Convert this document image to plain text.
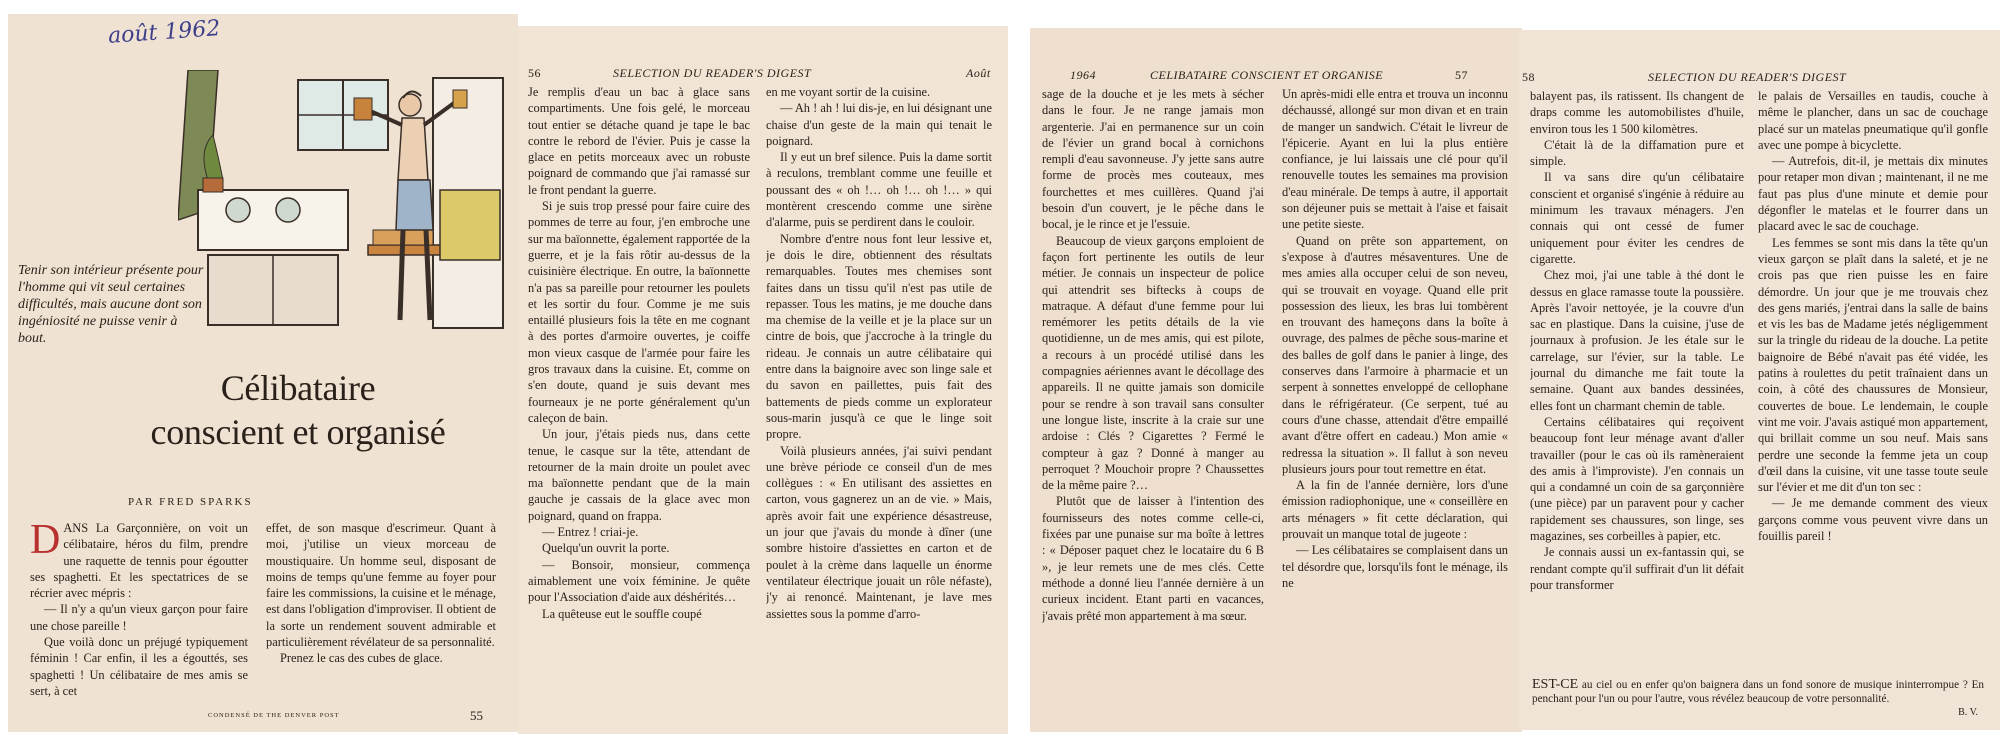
août 1962
Tenir son intérieur présente pour l'homme qui vit seul certaines difficultés, mais aucune dont son ingéniosité ne puisse venir à bout.
Célibataire
conscient et organisé
PAR FRED SPARKS

DANS La Garçonnière, on voit un célibataire, héros du film, prendre une raquette de tennis pour égoutter ses spaghetti. Et les spectatrices de se récrier avec mépris :

— Il n'y a qu'un vieux garçon pour faire une chose pareille !

Que voilà donc un préjugé typiquement féminin ! Car enfin, il les a égouttés, ses spaghetti ! Un célibataire de mes amis se sert, à cet

effet, de son masque d'escrimeur. Quant à moi, j'utilise un vieux morceau de moustiquaire. Un homme seul, disposant de moins de temps qu'une femme au foyer pour faire les commissions, la cuisine et le ménage, est dans l'obligation d'improviser. Il obtient de la sorte un rendement souvent admirable et particulièrement révélateur de sa personnalité.

Prenez le cas des cubes de glace.

CONDENSÉ DE THE DENVER POST	55
56	SELECTION DU READER'S DIGEST	Août

Je remplis d'eau un bac à glace sans compartiments. Une fois gelé, le morceau tout entier se détache quand je tape le bac contre le rebord de l'évier. Puis je casse la glace en petits morceaux avec un robuste poignard de commando que j'ai ramassé sur le front pendant la guerre.

Si je suis trop pressé pour faire cuire des pommes de terre au four, j'en embroche une sur ma baïonnette, également rapportée de la guerre, et je la fais rôtir au-dessus de la cuisinière électrique. En outre, la baïonnette n'a pas sa pareille pour retourner les poulets et les sortir du four. Comme je me suis entaillé plusieurs fois la tête en me cognant à des portes d'armoire ouvertes, je coiffe mon vieux casque de l'armée pour faire les gros travaux dans la cuisine. Et, comme on s'en doute, quand je suis devant mes fourneaux je ne porte généralement qu'un caleçon de bain.

Un jour, j'étais pieds nus, dans cette tenue, le casque sur la tête, attendant de retourner de la main droite un poulet avec ma baïonnette pendant que de la main gauche je cassais de la glace avec mon poignard, quand on frappa.

— Entrez ! criai-je.

Quelqu'un ouvrit la porte.

— Bonsoir, monsieur, commença aimablement une voix féminine. Je quête pour l'Association d'aide aux déshérités…

La quêteuse eut le souffle coupé

en me voyant sortir de la cuisine.

— Ah ! ah ! lui dis-je, en lui désignant une chaise d'un geste de la main qui tenait le poignard.

Il y eut un bref silence. Puis la dame sortit à reculons, tremblant comme une feuille et poussant des « oh !… oh !… oh !… » qui montèrent crescendo comme une sirène d'alarme, puis se perdirent dans le couloir.

Nombre d'entre nous font leur lessive et, je dois le dire, obtiennent des résultats remarquables. Toutes mes chemises sont faites dans un tissu qu'il n'est pas utile de repasser. Tous les matins, je me douche dans ma chemise de la veille et je la place sur un cintre de bois, que j'accroche à la tringle du rideau. Je connais un autre célibataire qui entre dans la baignoire avec son linge sale et du savon en paillettes, puis fait des battements de pieds comme un explorateur sous-marin jusqu'à ce que le linge soit propre.

Voilà plusieurs années, j'ai suivi pendant une brève période ce conseil d'un de mes collègues : « En utilisant des assiettes en carton, vous gagnerez un an de vie. » Mais, après avoir fait une expérience désastreuse, un jour que j'avais du monde à dîner (une sombre histoire d'assiettes en carton et de poulet à la crème dans laquelle un énorme ventilateur électrique jouait un rôle néfaste), j'y ai renoncé. Maintenant, je lave mes assiettes sous la pomme d'arro-

1964	CELIBATAIRE CONSCIENT ET ORGANISE	57

sage de la douche et je les mets à sécher dans le four. Je ne range jamais mon argenterie. J'ai en permanence sur un coin de l'évier un grand bocal à cornichons rempli d'eau savonneuse. J'y jette sans autre forme de procès mes couteaux, mes fourchettes et mes cuillères. Quand j'ai besoin d'un couvert, je le pêche dans le bocal, je le rince et je l'essuie.

Beaucoup de vieux garçons emploient de façon fort pertinente les outils de leur métier. Je connais un inspecteur de police qui attendrit ses biftecks à coups de matraque. A défaut d'une femme pour lui remémorer les petits détails de la vie quotidienne, un de mes amis, qui est pilote, a recours à un procédé utilisé dans les compagnies aériennes avant le décollage des appareils. Il ne quitte jamais son domicile pour se rendre à son travail sans consulter une longue liste, inscrite à la craie sur une ardoise : Clés ? Cigarettes ? Fermé le compteur à gaz ? Donné à manger au perroquet ? Mouchoir propre ? Chaussettes de la même paire ?…

Plutôt que de laisser à l'intention des fournisseurs des notes comme celle-ci, fixées par une punaise sur ma boîte à lettres : « Déposer paquet chez le locataire du 6 B », je leur remets une de mes clés. Cette méthode a donné lieu l'année dernière à un curieux incident. Etant parti en vacances, j'avais prêté mon appartement à ma sœur.

Un après-midi elle entra et trouva un inconnu déchaussé, allongé sur mon divan et en train de manger un sandwich. C'était le livreur de l'épicerie. Ayant en lui la plus entière confiance, je lui laissais une clé pour qu'il renouvelle toutes les semaines ma provision d'eau minérale. De temps à autre, il apportait son déjeuner puis se mettait à l'aise et faisait une petite sieste.

Quand on prête son appartement, on s'expose à d'autres mésaventures. Une de mes amies alla occuper celui de son neveu, qui se trouvait en voyage. Quand elle prit possession des lieux, les bras lui tombèrent en trouvant des hameçons dans la boîte à ouvrage, des palmes de pêche sous-marine et des balles de golf dans le panier à linge, des conserves dans l'armoire à pharmacie et un serpent à sonnettes enveloppé de cellophane dans le réfrigérateur. (Ce serpent, tué au cours d'une chasse, attendait d'être empaillé avant d'être offert en cadeau.) Mon amie « redressa la situation ». Il fallut à son neveu plusieurs jours pour tout remettre en état.

A la fin de l'année dernière, lors d'une émission radiophonique, une « conseillère en arts ménagers » fit cette déclaration, qui prouvait un manque total de jugeote :

— Les célibataires se complaisent dans un tel désordre que, lorsqu'ils font le ménage, ils ne

58	SELECTION DU READER'S DIGEST

balayent pas, ils ratissent. Ils changent de draps comme les automobilistes d'huile, environ tous les 1 500 kilomètres.

C'était là de la diffamation pure et simple.

Il va sans dire qu'un célibataire conscient et organisé s'ingénie à réduire au minimum les travaux ménagers. J'en connais qui ont cessé de fumer uniquement pour éviter les cendres de cigarette.

Chez moi, j'ai une table à thé dont le dessus en glace ramasse toute la poussière. Après l'avoir nettoyée, je la couvre d'un sac en plastique. Dans la cuisine, j'use de journaux à profusion. Je les étale sur le carrelage, sur l'évier, sur la table. Le journal du dimanche me fait toute la semaine. Quant aux bandes dessinées, elles font un charmant chemin de table.

Certains célibataires qui reçoivent beaucoup font leur ménage avant d'aller travailler (pour le cas où ils ramèneraient des amis à l'improviste). J'en connais un qui a condamné un coin de sa garçonnière (une pièce) par un paravent pour y cacher rapidement ses chaussures, son linge, ses magazines, ses corbeilles à papier, etc.

Je connais aussi un ex-fantassin qui, se rendant compte qu'il suffirait d'un lit défait pour transformer

le palais de Versailles en taudis, couche à même le plancher, dans un sac de couchage placé sur un matelas pneumatique qu'il gonfle avec une pompe à bicyclette.

— Autrefois, dit-il, je mettais dix minutes pour retaper mon divan ; maintenant, il ne me faut pas plus d'une minute et demie pour dégonfler le matelas et le fourrer dans un placard avec le sac de couchage.

Les femmes se sont mis dans la tête qu'un vieux garçon se plaît dans la saleté, et je ne crois pas que rien puisse les en faire démordre. Un jour que je me trouvais chez des gens mariés, j'entrai dans la salle de bains et vis les bas de Madame jetés négligemment sur la tringle du rideau de la douche. La petite baignoire de Bébé n'avait pas été vidée, les patins à roulettes du petit traînaient dans un coin, à côté des chaussures de Monsieur, couvertes de boue. Le lendemain, le couple vint me voir. J'avais astiqué mon appartement, qui brillait comme un sou neuf. Mais sans perdre une seconde la femme jeta un coup d'œil dans la cuisine, vit une tasse toute seule sur l'évier et me dit d'un ton sec :

— Je me demande comment des vieux garçons comme vous peuvent vivre dans un fouillis pareil !

EST-CE au ciel ou en enfer qu'on baignera dans un fond sonore de musique ininterrompue ? En penchant pour l'un ou pour l'autre, vous révélez beaucoup de votre personnalité.
B. V.
